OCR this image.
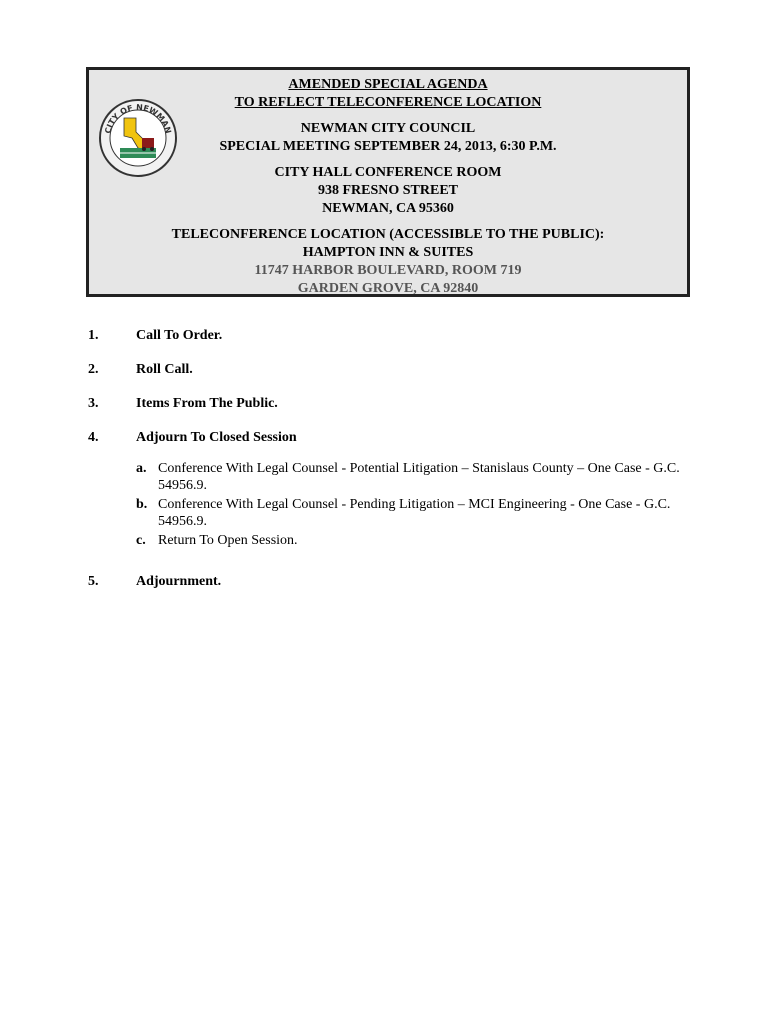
CITY OF NEWMAN
AMENDED SPECIAL AGENDA
TO REFLECT TELECONFERENCE LOCATION
NEWMAN CITY COUNCIL
SPECIAL MEETING SEPTEMBER 24, 2013, 6:30 P.M.
CITY HALL CONFERENCE ROOM
938 FRESNO STREET
NEWMAN, CA 95360
TELECONFERENCE LOCATION (ACCESSIBLE TO THE PUBLIC):
HAMPTON INN & SUITES
11747 HARBOR BOULEVARD, ROOM 719
GARDEN GROVE, CA 92840
1.	Call To Order.
2.	Roll Call.
3.	Items From The Public.
4.	Adjourn To Closed Session
a. Conference With Legal Counsel - Potential Litigation – Stanislaus County – One Case - G.C. 54956.9.
b. Conference With Legal Counsel - Pending Litigation – MCI Engineering - One Case - G.C. 54956.9.
c. Return To Open Session.
5.	Adjournment.
